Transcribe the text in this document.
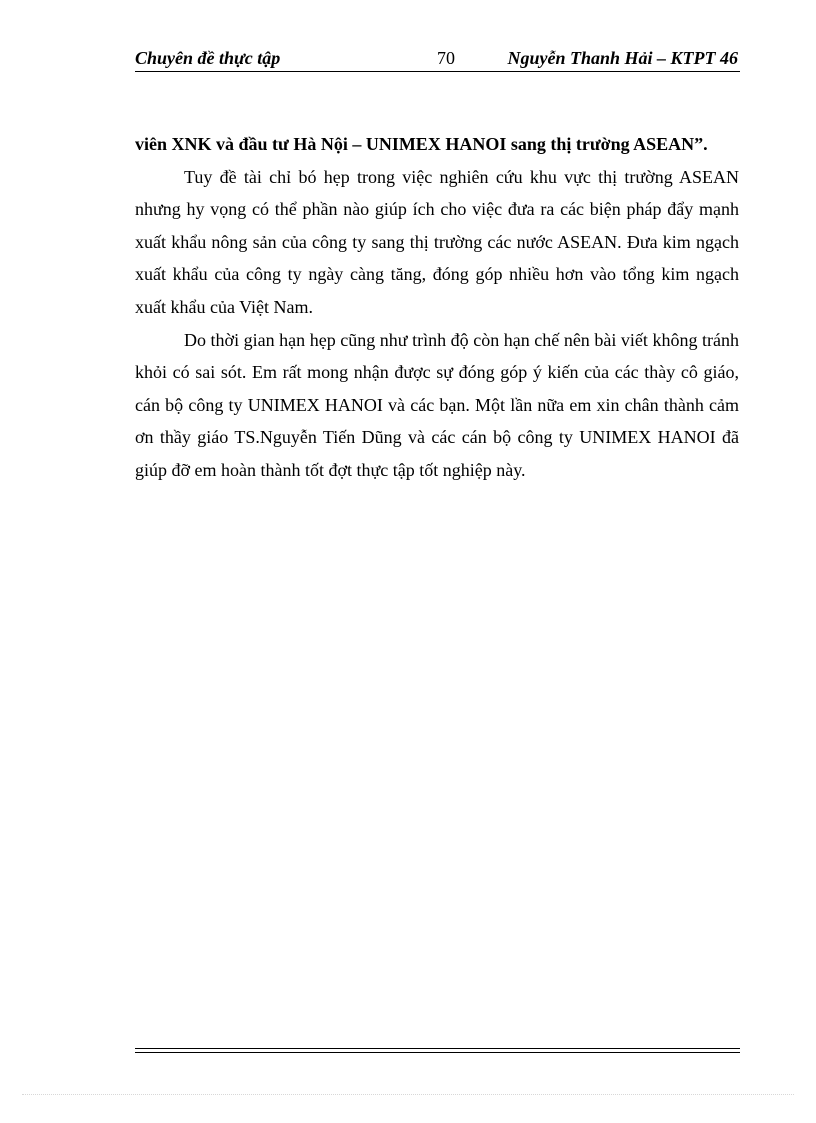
Chuyên đề thực tập	70	Nguyễn Thanh Hải – KTPT 46

viên XNK và đầu tư Hà Nội – UNIMEX HANOI sang thị trường ASEAN”.

Tuy đề tài chỉ bó hẹp trong việc nghiên cứu khu vực thị trường ASEAN nhưng hy vọng có thể phần nào giúp ích cho việc đưa ra các biện pháp đẩy mạnh xuất khẩu nông sản của công ty sang thị trường các nước ASEAN. Đưa kim ngạch xuất khẩu của công ty ngày càng tăng, đóng góp nhiều hơn vào tổng kim ngạch xuất khẩu của Việt Nam.

Do thời gian hạn hẹp cũng như trình độ còn hạn chế nên bài viết không tránh khỏi có sai sót. Em rất mong nhận được sự đóng góp ý kiến của các thày cô giáo, cán bộ công ty UNIMEX HANOI và các bạn. Một lần nữa em xin chân thành cảm ơn thầy giáo TS.Nguyễn Tiến Dũng và các cán bộ công ty UNIMEX HANOI đã giúp đỡ em hoàn thành tốt đợt thực tập tốt nghiệp này.
